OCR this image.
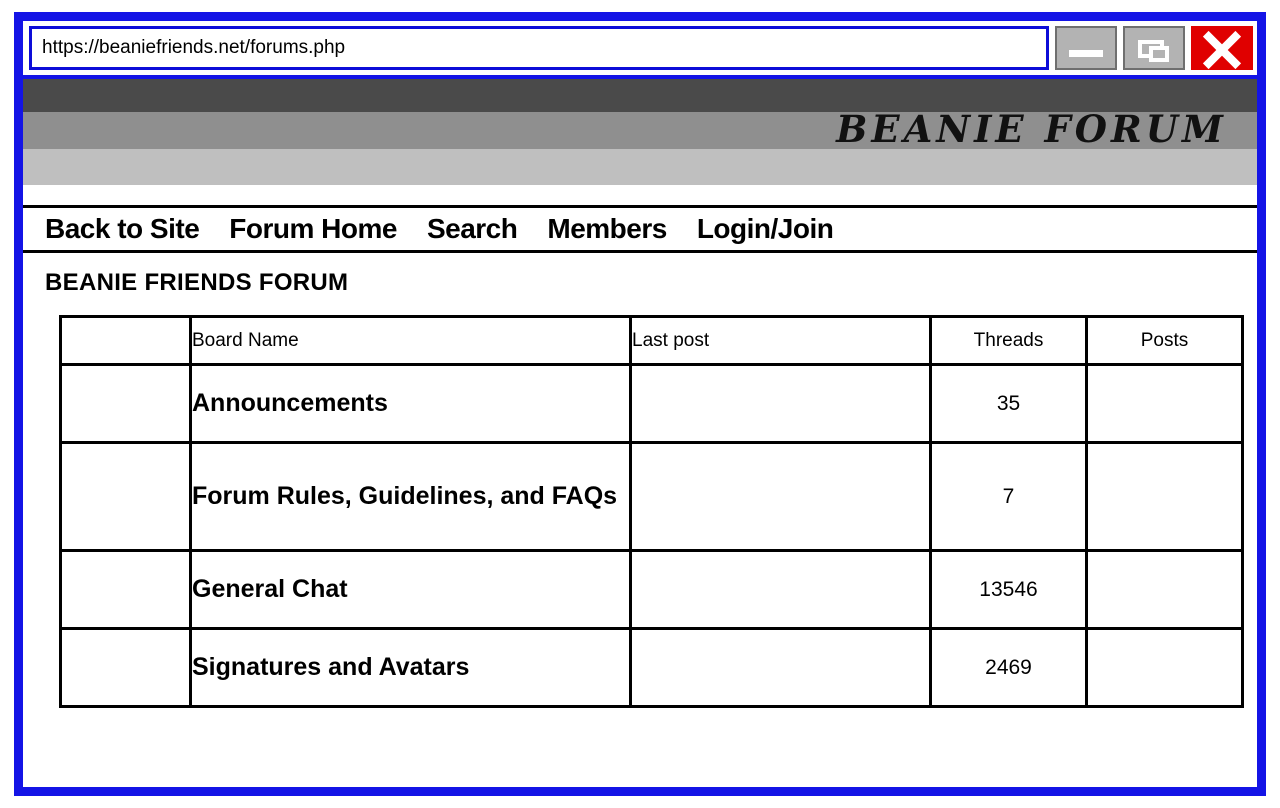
https://beaniefriends.net/forums.php
BEANIE FORUM
Back to Site Forum Home Search Members Login/Join
BEANIE FRIENDS FORUM
	Board Name	Last post	Threads	Posts
	Announcements		35	
	Forum Rules, Guidelines, and FAQs		7	
	General Chat		13546	
	Signatures and Avatars		2469	
